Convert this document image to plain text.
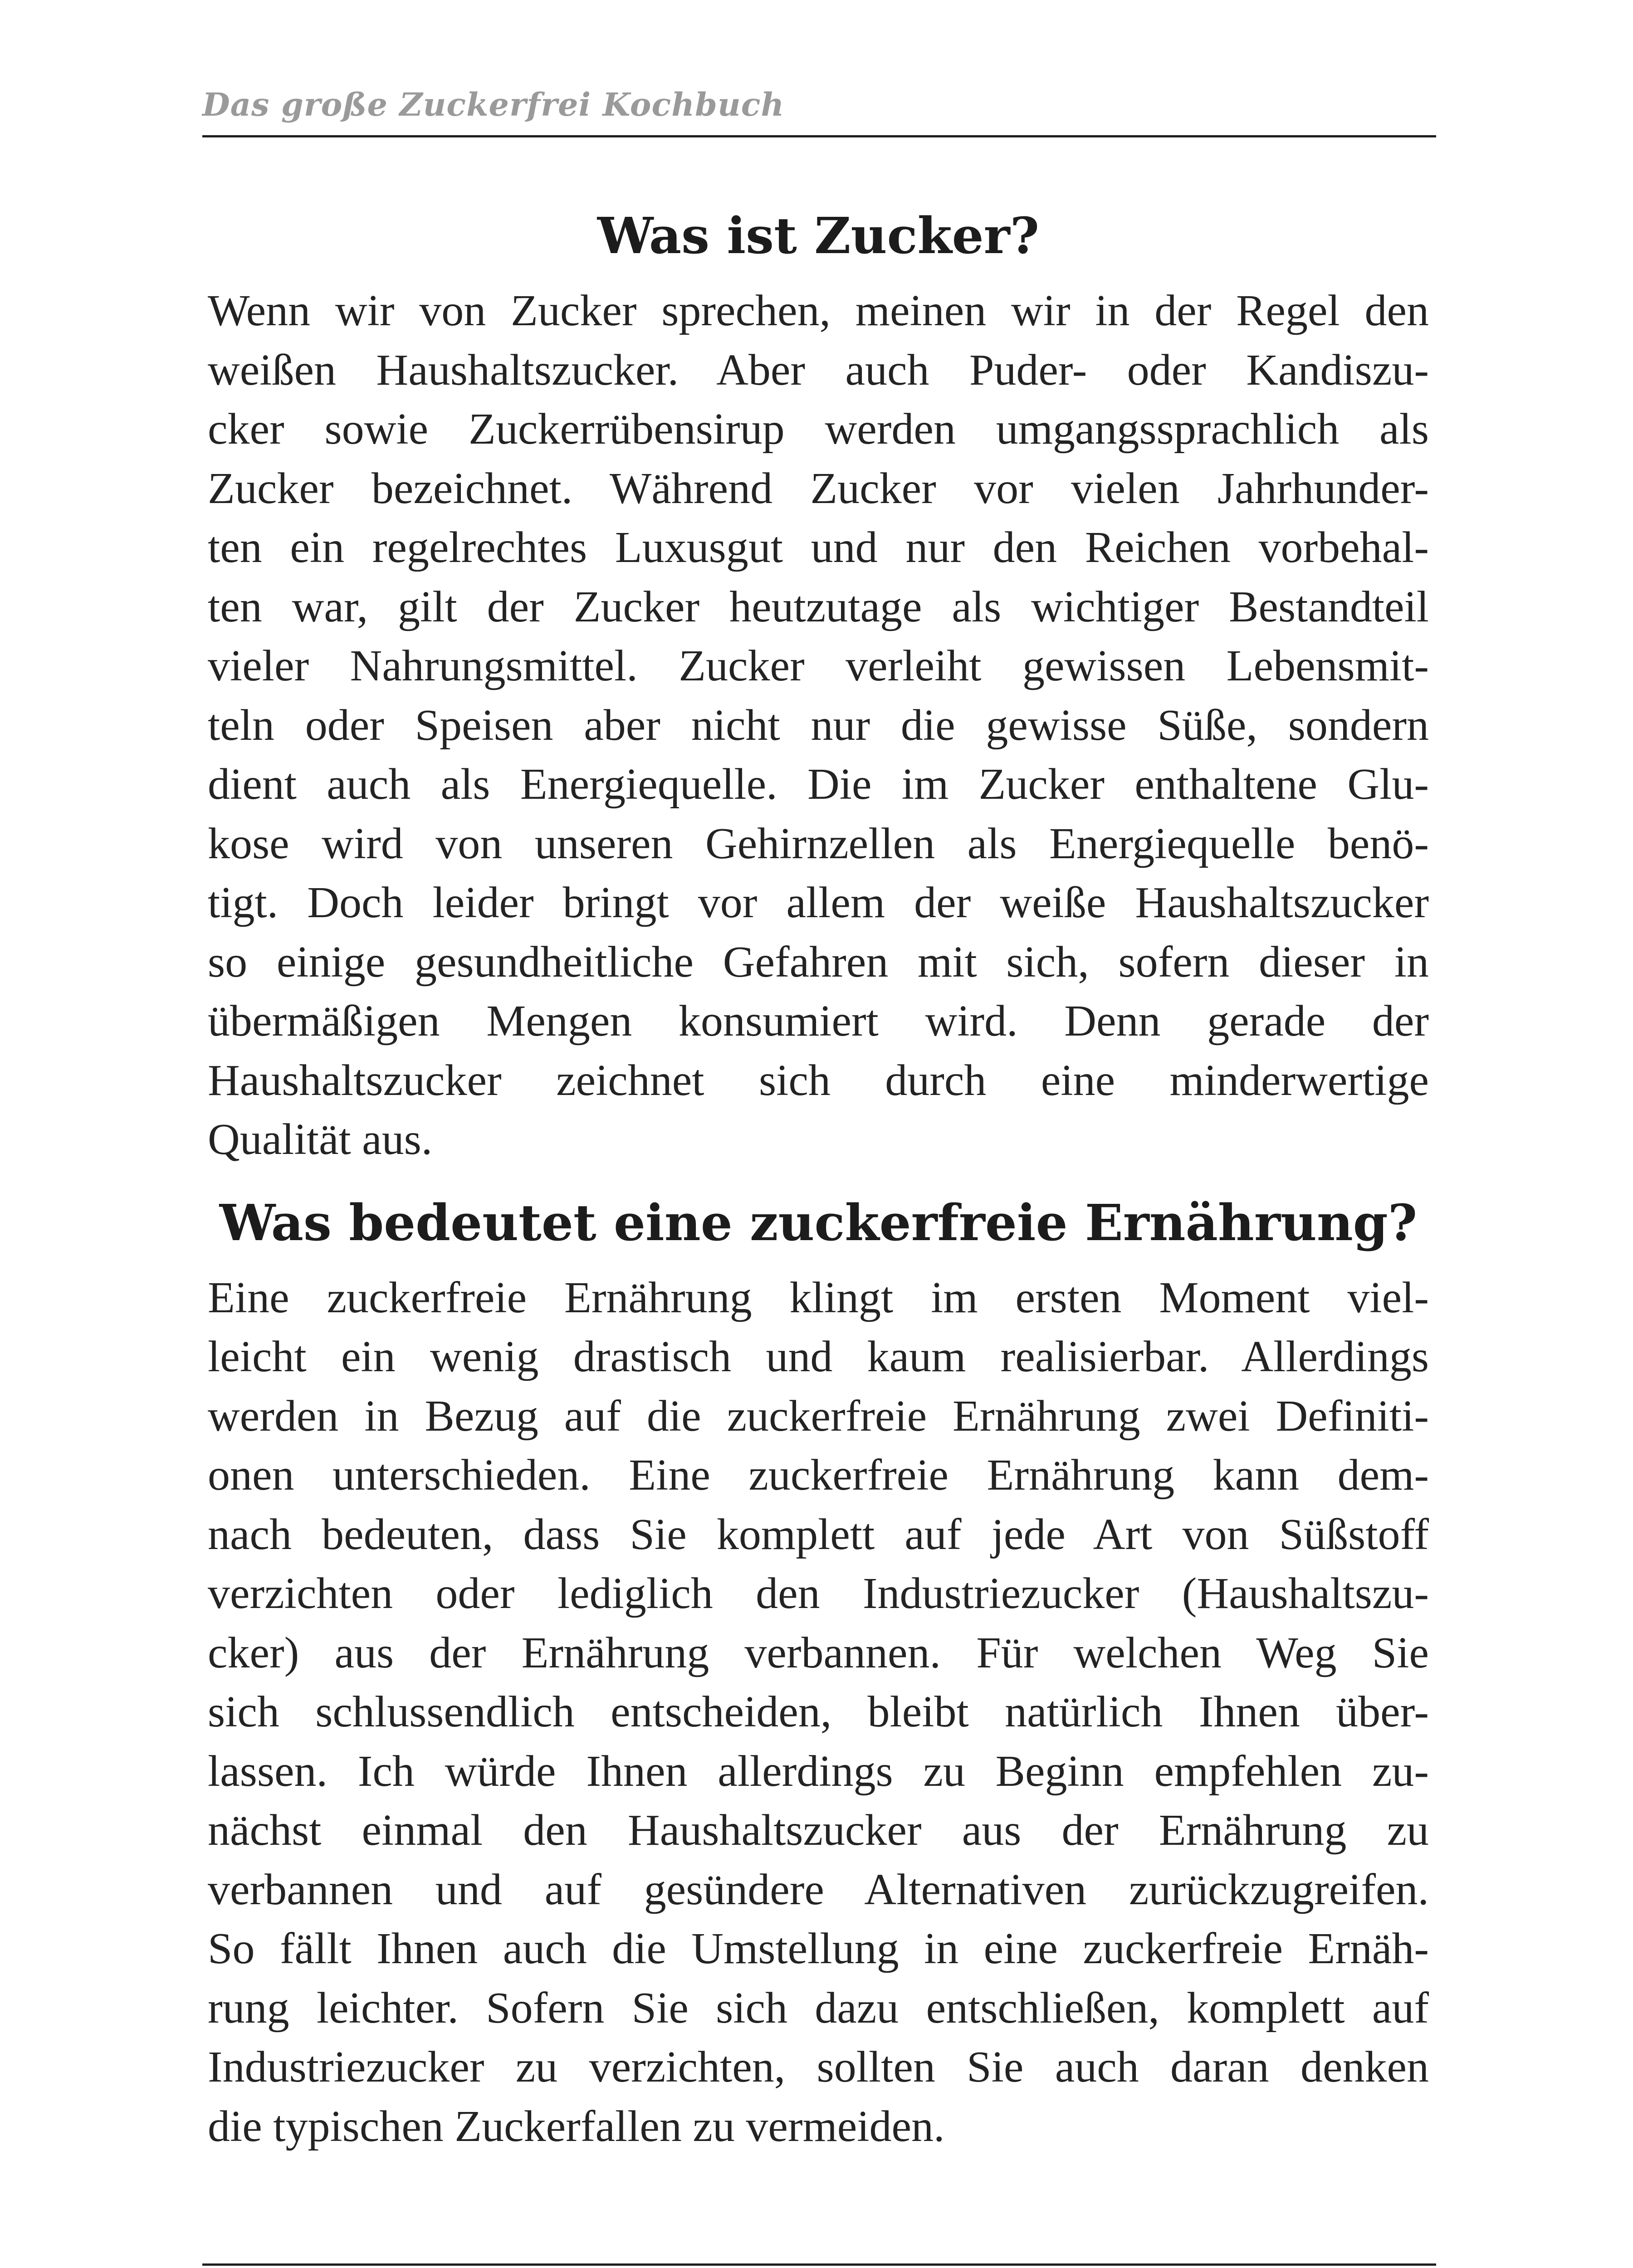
Das große Zuckerfrei Kochbuch
Was ist Zucker?

Wenn wir von Zucker sprechen, meinen wir in der Regel den
weißen Haushaltszucker. Aber auch Puder- oder Kandiszu-
cker sowie Zuckerrübensirup werden umgangssprachlich als
Zucker bezeichnet. Während Zucker vor vielen Jahrhunder-
ten ein regelrechtes Luxusgut und nur den Reichen vorbehal-
ten war, gilt der Zucker heutzutage als wichtiger Bestandteil
vieler Nahrungsmittel. Zucker verleiht gewissen Lebensmit-
teln oder Speisen aber nicht nur die gewisse Süße, sondern
dient auch als Energiequelle. Die im Zucker enthaltene Glu-
kose wird von unseren Gehirnzellen als Energiequelle benö-
tigt. Doch leider bringt vor allem der weiße Haushaltszucker
so einige gesundheitliche Gefahren mit sich, sofern dieser in
übermäßigen Mengen konsumiert wird. Denn gerade der
Haushaltszucker zeichnet sich durch eine minderwertige
Qualität aus.

Was bedeutet eine zuckerfreie Ernährung?

Eine zuckerfreie Ernährung klingt im ersten Moment viel-
leicht ein wenig drastisch und kaum realisierbar. Allerdings
werden in Bezug auf die zuckerfreie Ernährung zwei Definiti-
onen unterschieden. Eine zuckerfreie Ernährung kann dem-
nach bedeuten, dass Sie komplett auf jede Art von Süßstoff
verzichten oder lediglich den Industriezucker (Haushaltszu-
cker) aus der Ernährung verbannen. Für welchen Weg Sie
sich schlussendlich entscheiden, bleibt natürlich Ihnen über-
lassen. Ich würde Ihnen allerdings zu Beginn empfehlen zu-
nächst einmal den Haushaltszucker aus der Ernährung zu
verbannen und auf gesündere Alternativen zurückzugreifen.
So fällt Ihnen auch die Umstellung in eine zuckerfreie Ernäh-
rung leichter. Sofern Sie sich dazu entschließen, komplett auf
Industriezucker zu verzichten, sollten Sie auch daran denken
die typischen Zuckerfallen zu vermeiden.
